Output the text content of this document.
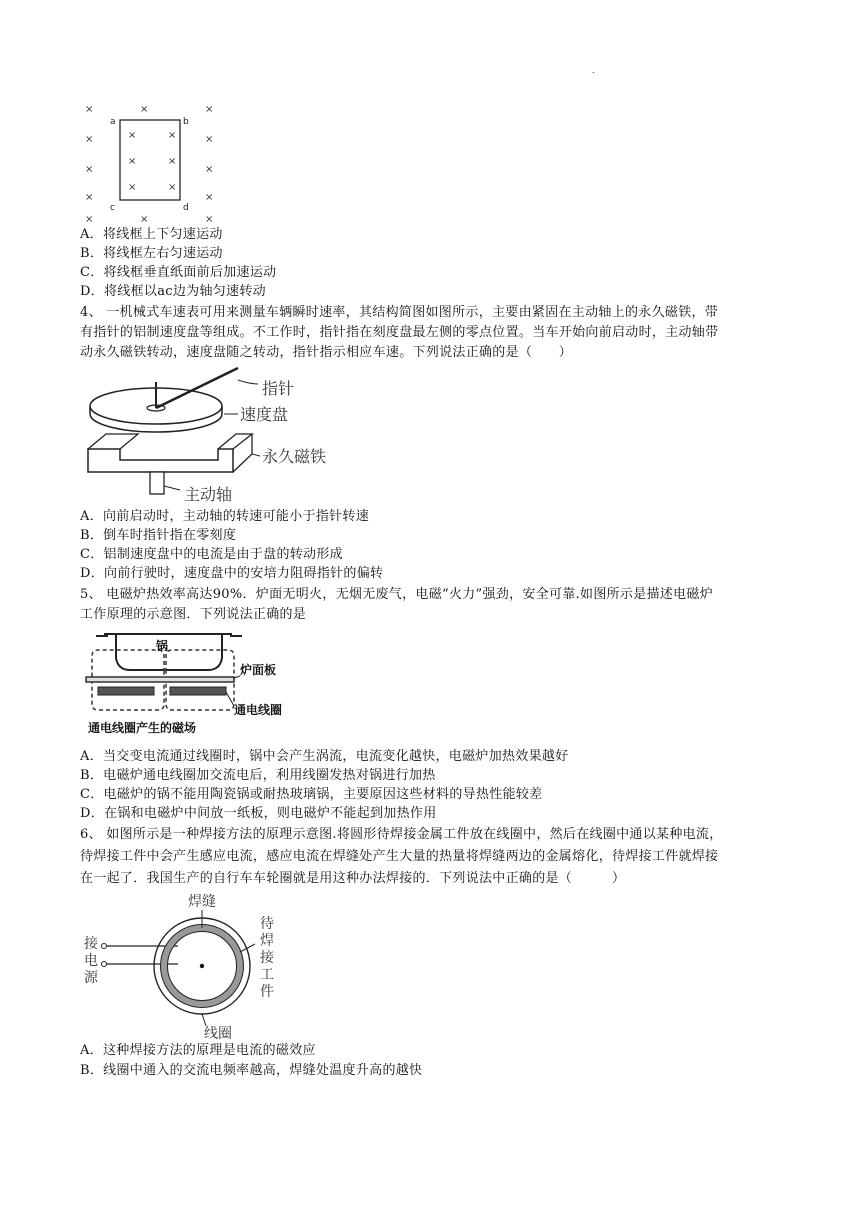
.
×
×
×
×
×
×	×
×
×
×
×
×
×	×
×	×
×	×
a	b
c	d
A．将线框上下匀速运动
B．将线框左右匀速运动
C．将线框垂直纸面前后加速运动
D．将线框以ac边为轴匀速转动
4、 一机械式车速表可用来测量车辆瞬时速率，其结构简图如图所示，主要由紧固在主动轴上的永久磁铁，带
有指针的铝制速度盘等组成。不工作时，指针指在刻度盘最左侧的零点位置。当车开始向前启动时，主动轴带
动永久磁铁转动，速度盘随之转动，指针指示相应车速。下列说法正确的是（　　）
指针
速度盘
永久磁铁
主动轴
A．向前启动时，主动轴的转速可能小于指针转速
B．倒车时指针指在零刻度
C．铝制速度盘中的电流是由于盘的转动形成
D．向前行驶时，速度盘中的安培力阻碍指针的偏转
5、 电磁炉热效率高达90%．炉面无明火，无烟无废气，电磁“火力”强劲，安全可靠.如图所示是描述电磁炉
工作原理的示意图．下列说法正确的是
锅
炉面板
通电线圈
通电线圈产生的磁场
A．当交变电流通过线圈时，锅中会产生涡流，电流变化越快，电磁炉加热效果越好
B．电磁炉通电线圈加交流电后，利用线圈发热对锅进行加热
C．电磁炉的锅不能用陶瓷锅或耐热玻璃锅，主要原因这些材料的导热性能较差
D．在锅和电磁炉中间放一纸板，则电磁炉不能起到加热作用
6、 如图所示是一种焊接方法的原理示意图.将圆形待焊接金属工件放在线圈中，然后在线圈中通以某种电流，
待焊接工件中会产生感应电流，感应电流在焊缝处产生大量的热量将焊缝两边的金属熔化，待焊接工件就焊接
在一起了．我国生产的自行车车轮圈就是用这种办法焊接的．下列说法中正确的是（　　　）
焊缝
待
焊
接
工
件
接
电
源
线圈
A．这种焊接方法的原理是电流的磁效应
B．线圈中通入的交流电频率越高，焊缝处温度升高的越快
